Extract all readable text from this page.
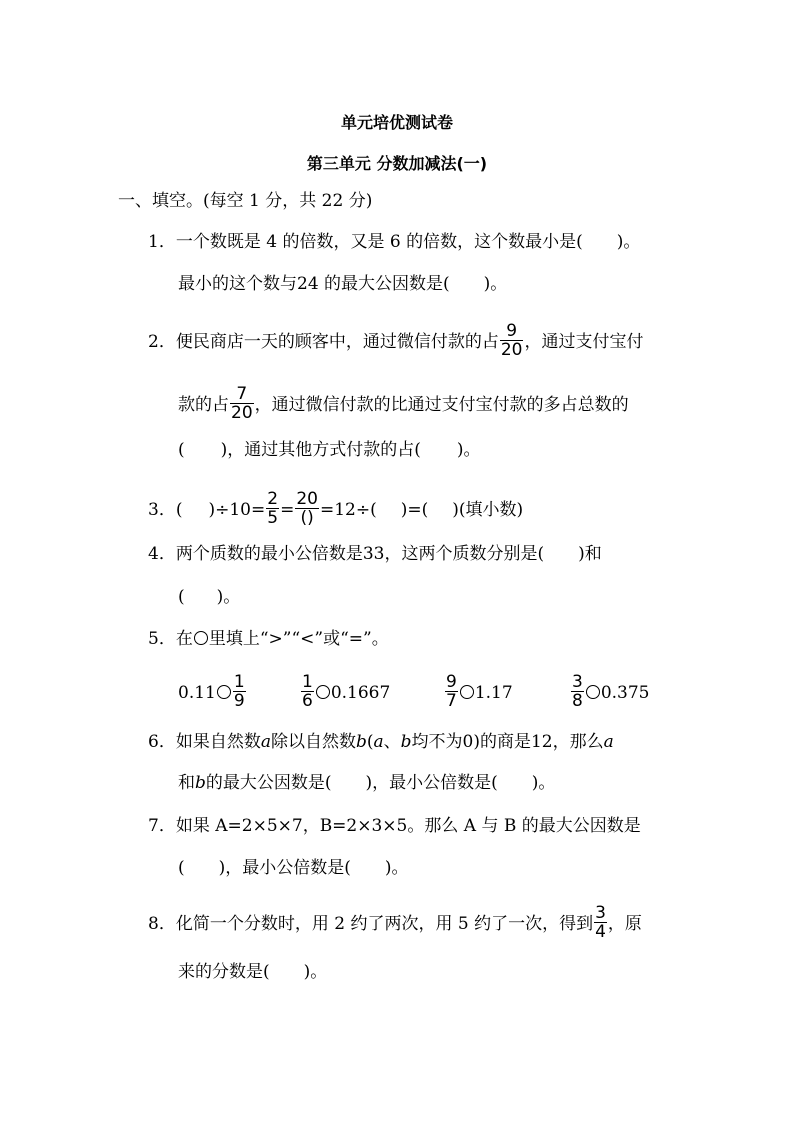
单元培优测试卷
第三单元 分数加减法(一)
一、填空。(每空 1 分，共 22 分)
1．一个数既是 4 的倍数，又是 6 的倍数，这个数最小是( )。
最小的这个数与24 的最大公因数是( )。
2．便民商店一天的顾客中，通过微信付款的占 $\frac{9}{20}$ ，通过支付宝付
款的占 $\frac{7}{20}$ ，通过微信付款的比通过支付宝付款的多占总数的
( )，通过其他方式付款的占( )。
3．( )$\div 10= \frac{2}{5} = \frac{20}{()} =12\div$( )=( )(填小数)
4．两个质数的最小公倍数是33，这两个质数分别是( )和
( )。
5．在 里填上“>”“<”或“=”。
$0.11 \frac{1}{9}$	$\frac{1}{6} 0.1667$	$\frac{9}{7} 1.17$	$\frac{3}{8} 0.375$
6．如果自然数a除以自然数b(a、b均不为0)的商是12，那么a
和b的最大公因数是( )，最小公倍数是( )。
7．如果 A=2×5×7，B=2×3×5。那么 A 与 B 的最大公因数是
( )，最小公倍数是( )。
8．化简一个分数时，用 2 约了两次，用 5 约了一次，得到 $\frac{3}{4}$ ，原
来的分数是( )。
